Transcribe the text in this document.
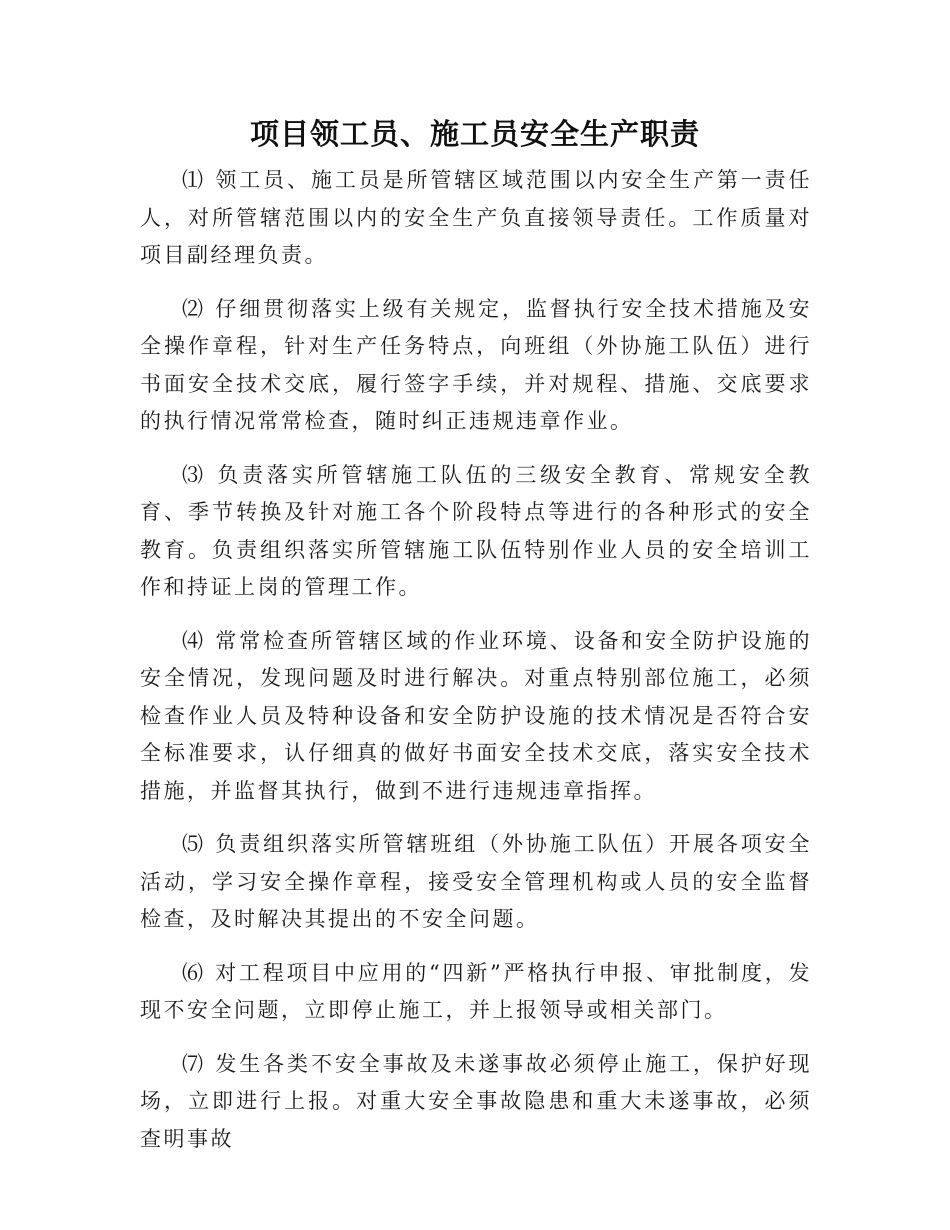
项目领工员、施工员安全生产职责

⑴ 领工员、施工员是所管辖区域范围以内安全生产第一责任人，对所管辖范围以内的安全生产负直接领导责任。工作质量对项目副经理负责。

⑵ 仔细贯彻落实上级有关规定，监督执行安全技术措施及安全操作章程，针对生产任务特点，向班组（外协施工队伍）进行书面安全技术交底，履行签字手续，并对规程、措施、交底要求的执行情况常常检查，随时纠正违规违章作业。

⑶ 负责落实所管辖施工队伍的三级安全教育、常规安全教育、季节转换及针对施工各个阶段特点等进行的各种形式的安全教育。负责组织落实所管辖施工队伍特别作业人员的安全培训工作和持证上岗的管理工作。

⑷ 常常检查所管辖区域的作业环境、设备和安全防护设施的安全情况，发现问题及时进行解决。对重点特别部位施工，必须检查作业人员及特种设备和安全防护设施的技术情况是否符合安全标准要求，认仔细真的做好书面安全技术交底，落实安全技术措施，并监督其执行，做到不进行违规违章指挥。

⑸ 负责组织落实所管辖班组（外协施工队伍）开展各项安全活动，学习安全操作章程，接受安全管理机构或人员的安全监督检查，及时解决其提出的不安全问题。

⑹ 对工程项目中应用的“四新”严格执行申报、审批制度，发现不安全问题，立即停止施工，并上报领导或相关部门。

⑺ 发生各类不安全事故及未遂事故必须停止施工，保护好现场，立即进行上报。对重大安全事故隐患和重大未遂事故，必须查明事故
